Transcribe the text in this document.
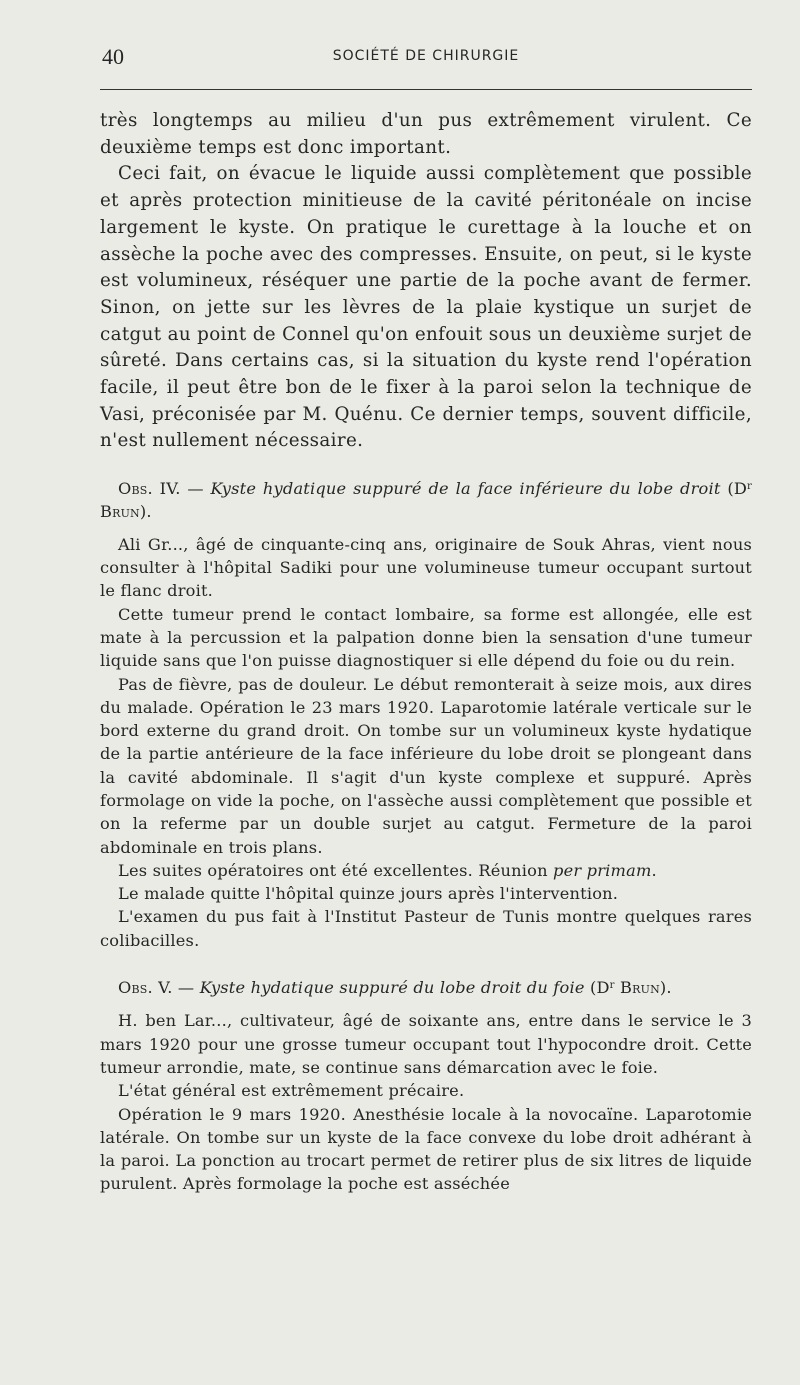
40	SOCIÉTÉ DE CHIRURGIE

très longtemps au milieu d'un pus extrêmement virulent. Ce deuxième temps est donc important.

Ceci fait, on évacue le liquide aussi complètement que possible et après protection minitieuse de la cavité péritonéale on incise largement le kyste. On pratique le curettage à la louche et on assèche la poche avec des compresses. Ensuite, on peut, si le kyste est volumineux, réséquer une partie de la poche avant de fermer. Sinon, on jette sur les lèvres de la plaie kystique un surjet de catgut au point de Connel qu'on enfouit sous un deuxième surjet de sûreté. Dans certains cas, si la situation du kyste rend l'opération facile, il peut être bon de le fixer à la paroi selon la technique de Vasi, préconisée par M. Quénu. Ce dernier temps, souvent difficile, n'est nullement nécessaire.

Obs. IV. — Kyste hydatique suppuré de la face inférieure du lobe droit ($D^r$ Brun).

Ali Gr..., âgé de cinquante-cinq ans, originaire de Souk Ahras, vient nous consulter à l'hôpital Sadiki pour une volumineuse tumeur occupant surtout le flanc droit.

Cette tumeur prend le contact lombaire, sa forme est allongée, elle est mate à la percussion et la palpation donne bien la sensation d'une tumeur liquide sans que l'on puisse diagnostiquer si elle dépend du foie ou du rein.

Pas de fièvre, pas de douleur. Le début remonterait à seize mois, aux dires du malade. Opération le 23 mars 1920. Laparotomie latérale verticale sur le bord externe du grand droit. On tombe sur un volumineux kyste hydatique de la partie antérieure de la face inférieure du lobe droit se plongeant dans la cavité abdominale. Il s'agit d'un kyste complexe et suppuré. Après formolage on vide la poche, on l'assèche aussi complètement que possible et on la referme par un double surjet au catgut. Fermeture de la paroi abdominale en trois plans.

Les suites opératoires ont été excellentes. Réunion per primam.

Le malade quitte l'hôpital quinze jours après l'intervention.

L'examen du pus fait à l'Institut Pasteur de Tunis montre quelques rares colibacilles.

Obs. V. — Kyste hydatique suppuré du lobe droit du foie ($D^r$ Brun).

H. ben Lar..., cultivateur, âgé de soixante ans, entre dans le service le 3 mars 1920 pour une grosse tumeur occupant tout l'hypocondre droit. Cette tumeur arrondie, mate, se continue sans démarcation avec le foie.

L'état général est extrêmement précaire.

Opération le 9 mars 1920. Anesthésie locale à la novocaïne. Laparotomie latérale. On tombe sur un kyste de la face convexe du lobe droit adhérant à la paroi. La ponction au trocart permet de retirer plus de six litres de liquide purulent. Après formolage la poche est asséchée
